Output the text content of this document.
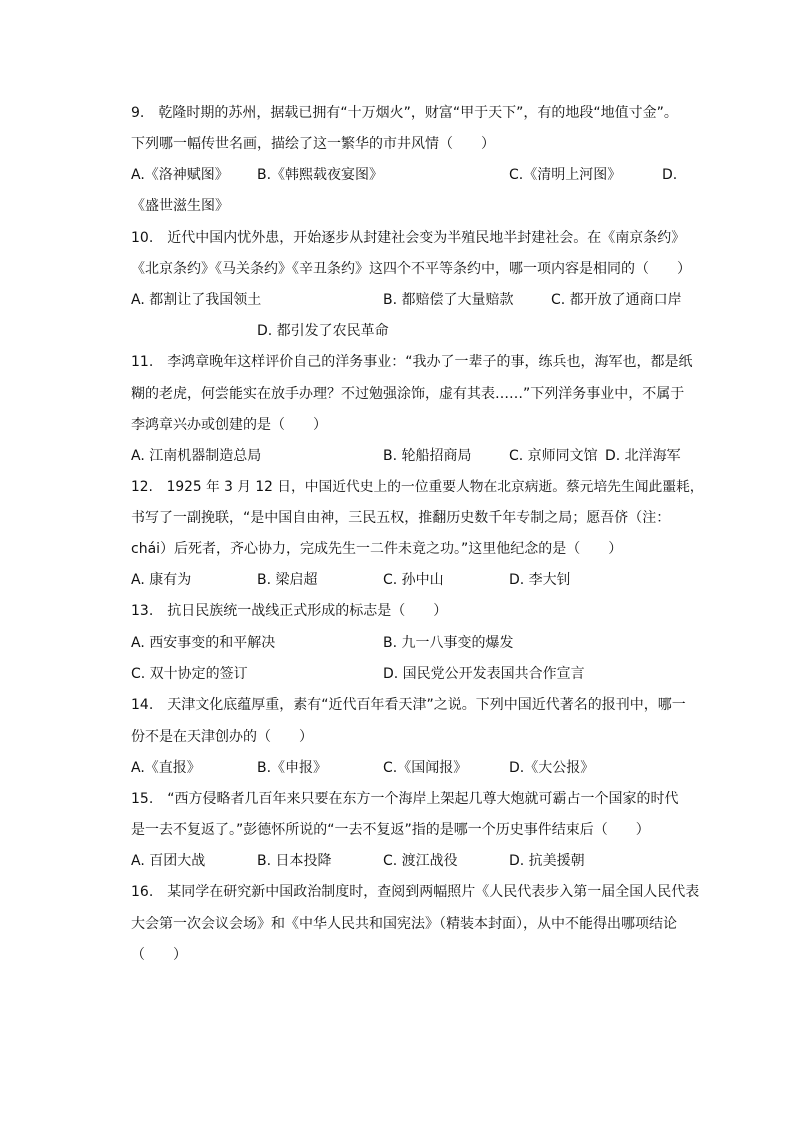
9.　乾隆时期的苏州，据载已拥有“十万烟火”，财富“甲于天下”，有的地段“地值寸金”。
下列哪一幅传世名画，描绘了这一繁华的市井风情（　　）
A.《洛神赋图》 B.《韩熙载夜宴图》	C.《清明上河图》	D.
《盛世滋生图》
10.　近代中国内忧外患，开始逐步从封建社会变为半殖民地半封建社会。在《南京条约》
《北京条约》《马关条约》《辛丑条约》这四个不平等条约中，哪一项内容是相同的（　　）
A. 都割让了我国领土	B. 都赔偿了大量赔款	C. 都开放了通商口岸
D. 都引发了农民革命
11.　李鸿章晚年这样评价自己的洋务事业：“我办了一辈子的事，练兵也，海军也，都是纸
糊的老虎，何尝能实在放手办理？不过勉强涂饰，虚有其表……”下列洋务事业中，不属于
李鸿章兴办或创建的是（　　）
A. 江南机器制造总局	B. 轮船招商局	C. 京师同文馆 D. 北洋海军
12.　1925 年 3 月 12 日，中国近代史上的一位重要人物在北京病逝。蔡元培先生闻此噩耗，
书写了一副挽联，“是中国自由神，三民五权，推翻历史数千年专制之局；愿吾侪（注：
chái）后死者，齐心协力，完成先生一二件未竟之功。”这里他纪念的是（　　）
A. 康有为	B. 梁启超	C. 孙中山	D. 李大钊
13.　抗日民族统一战线正式形成的标志是（　　）
A. 西安事变的和平解决	B. 九一八事变的爆发
C. 双十协定的签订	D. 国民党公开发表国共合作宣言
14.　天津文化底蕴厚重，素有“近代百年看天津”之说。下列中国近代著名的报刊中，哪一
份不是在天津创办的（　　）
A.《直报》	B.《申报》	C.《国闻报》	D.《大公报》
15.　“西方侵略者几百年来只要在东方一个海岸上架起几尊大炮就可霸占一个国家的时代
是一去不复返了。”彭德怀所说的“一去不复返”指的是哪一个历史事件结束后（　　）
A. 百团大战	B. 日本投降	C. 渡江战役	D. 抗美援朝
16.　某同学在研究新中国政治制度时，查阅到两幅照片《人民代表步入第一届全国人民代表
大会第一次会议会场》和《中华人民共和国宪法》（精装本封面），从中不能得出哪项结论
（　　）
